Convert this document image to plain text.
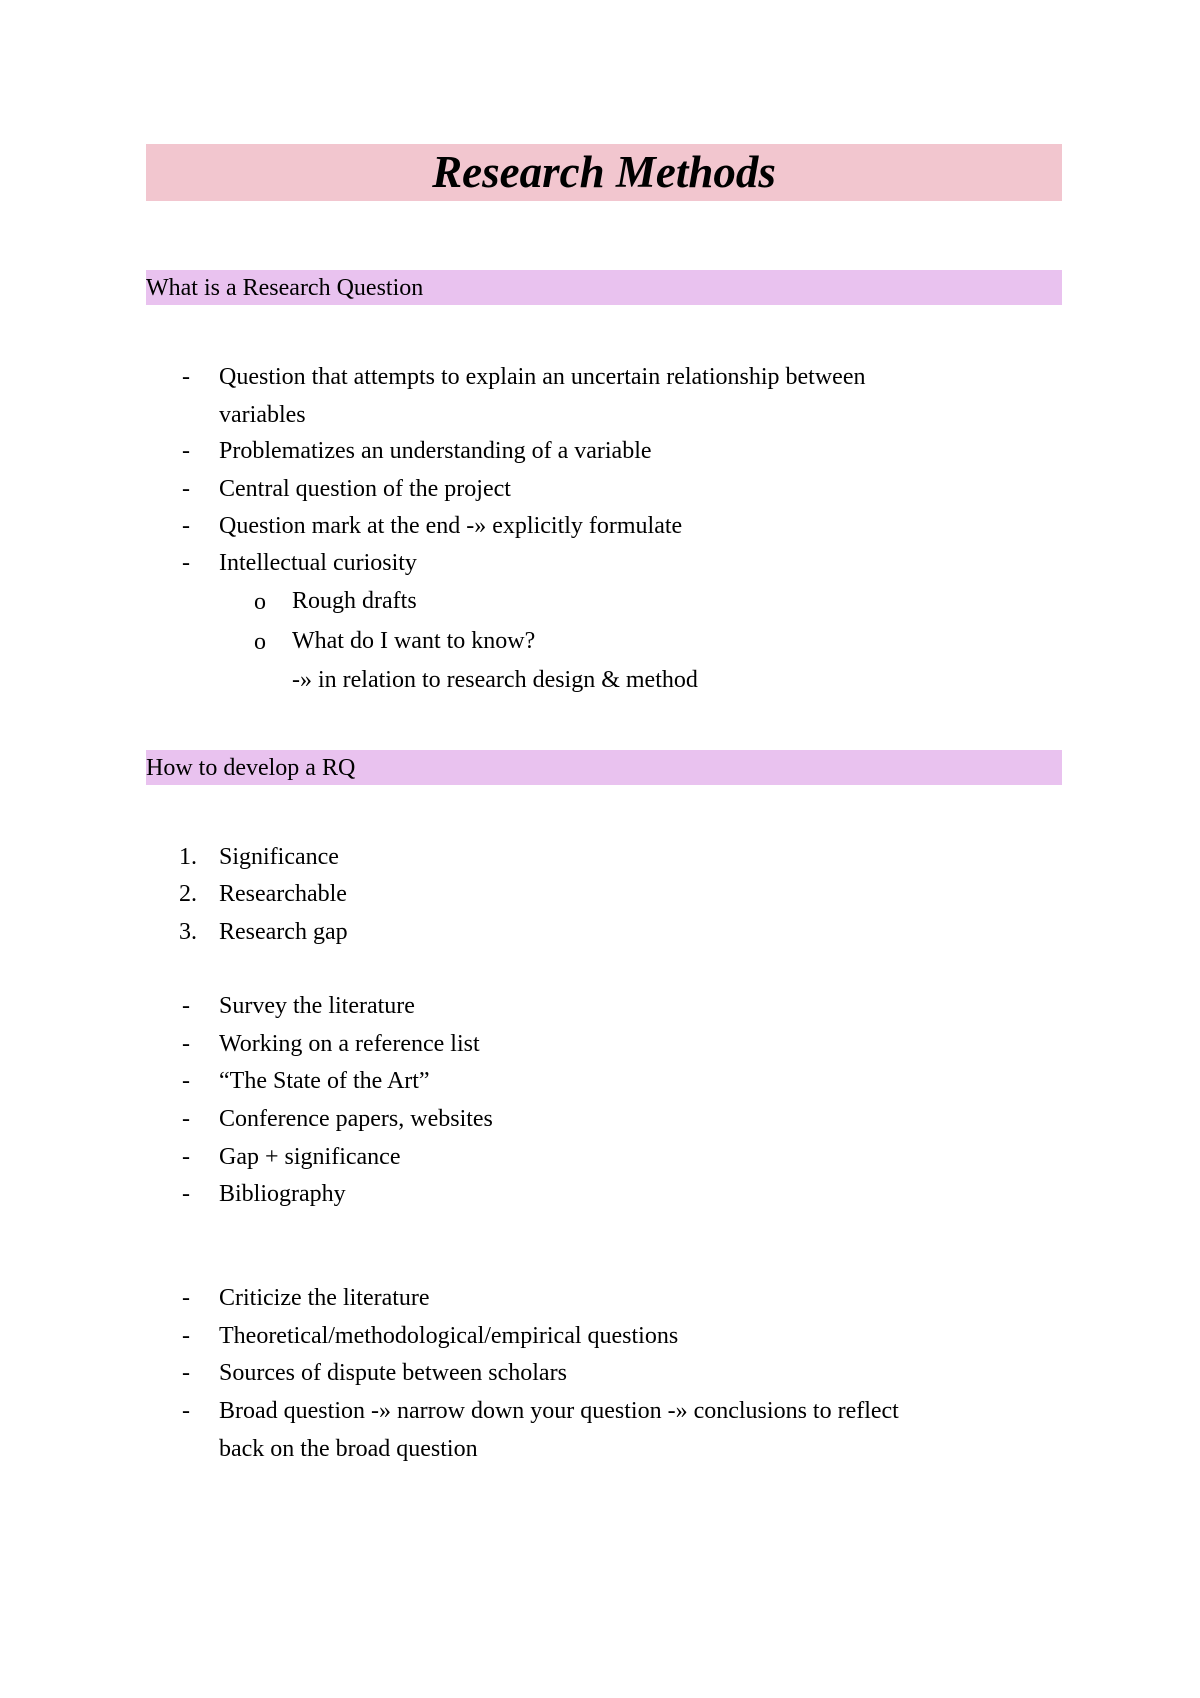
Research Methods
What is a Research Question
- Question that attempts to explain an uncertain relationship between
variables
- Problematizes an understanding of a variable
- Central question of the project
- Question mark at the end -» explicitly formulate
- Intellectual curiosity
o Rough drafts
o What do I want to know?
-» in relation to research design & method
How to develop a RQ
1. Significance
2. Researchable
3. Research gap
- Survey the literature
- Working on a reference list
- “The State of the Art”
- Conference papers, websites
- Gap + significance
- Bibliography
- Criticize the literature
- Theoretical/methodological/empirical questions
- Sources of dispute between scholars
- Broad question -» narrow down your question -» conclusions to reflect
back on the broad question
